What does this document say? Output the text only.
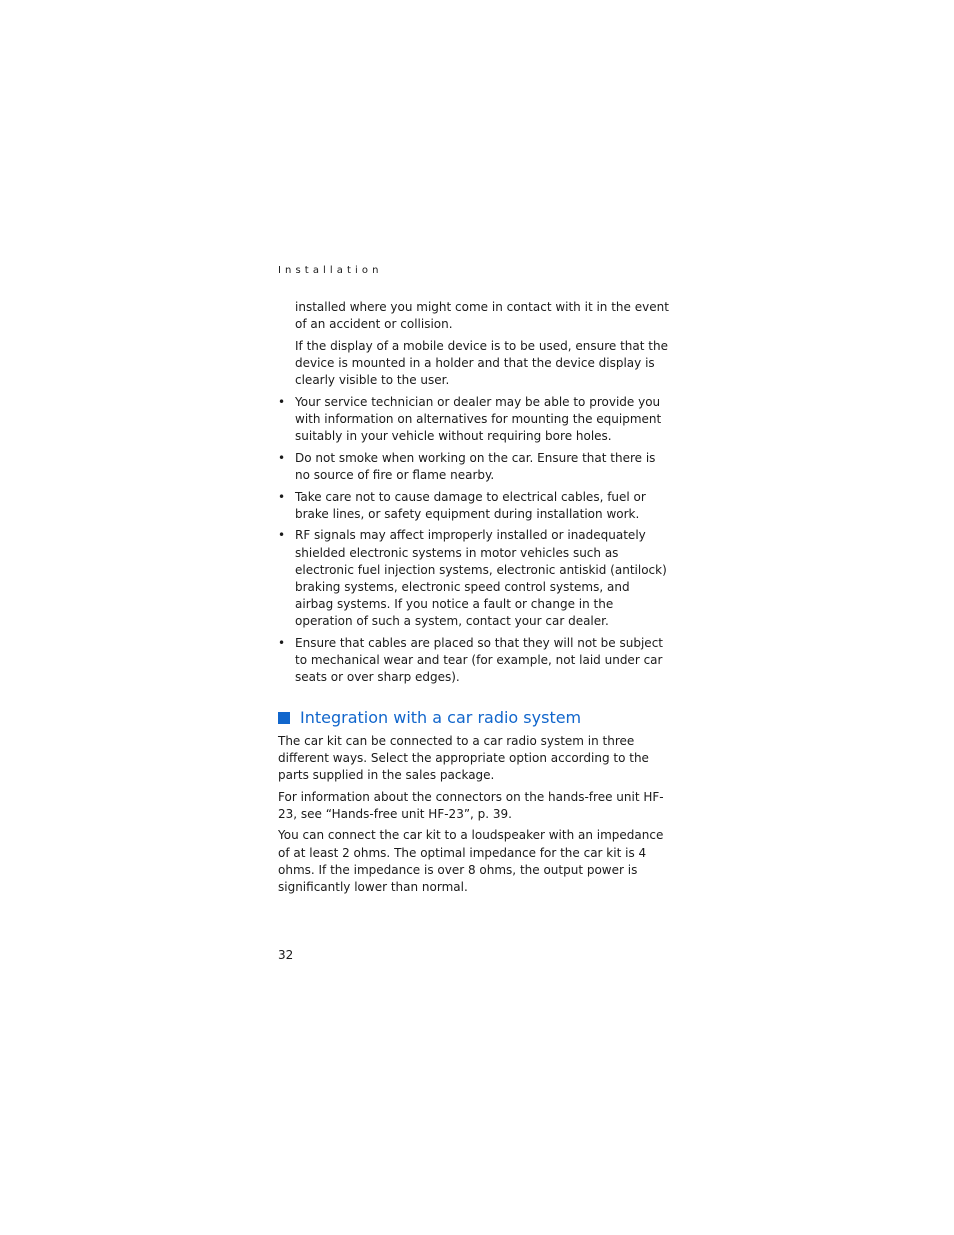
Installation

installed where you might come in contact with it in the event of an accident or collision.

If the display of a mobile device is to be used, ensure that the device is mounted in a holder and that the device display is clearly visible to the user.

• Your service technician or dealer may be able to provide you with information on alternatives for mounting the equipment suitably in your vehicle without requiring bore holes.
• Do not smoke when working on the car. Ensure that there is no source of fire or flame nearby.
• Take care not to cause damage to electrical cables, fuel or brake lines, or safety equipment during installation work.
• RF signals may affect improperly installed or inadequately shielded electronic systems in motor vehicles such as electronic fuel injection systems, electronic antiskid (antilock) braking systems, electronic speed control systems, and airbag systems. If you notice a fault or change in the operation of such a system, contact your car dealer.
• Ensure that cables are placed so that they will not be subject to mechanical wear and tear (for example, not laid under car seats or over sharp edges).
Integration with a car radio system

The car kit can be connected to a car radio system in three different ways. Select the appropriate option according to the parts supplied in the sales package.

For information about the connectors on the hands-free unit HF-23, see “Hands-free unit HF-23”, p. 39.

You can connect the car kit to a loudspeaker with an impedance of at least 2 ohms. The optimal impedance for the car kit is 4 ohms. If the impedance is over 8 ohms, the output power is significantly lower than normal.

32
